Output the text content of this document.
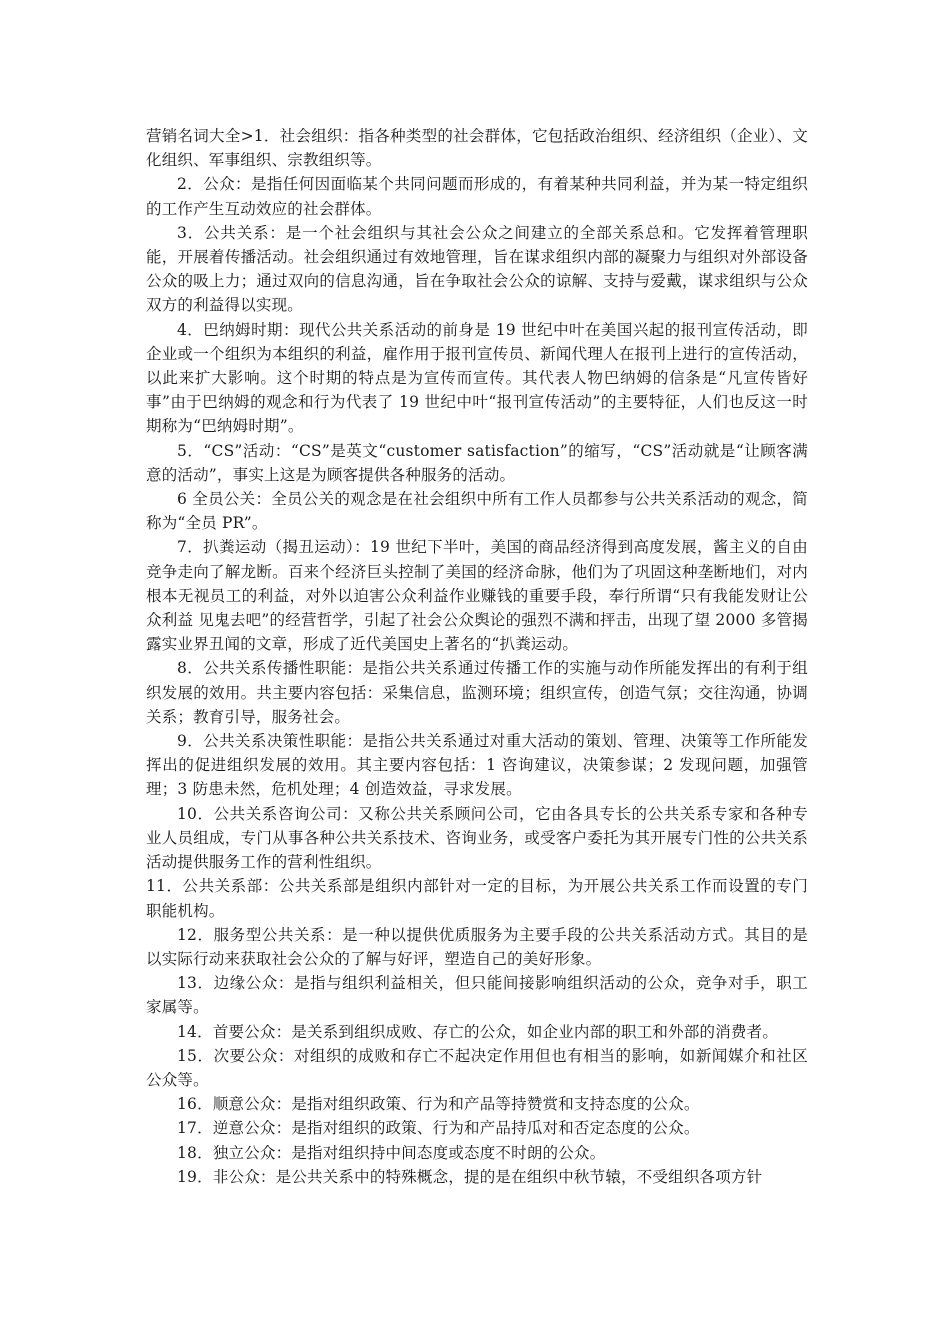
营销名词大全>1．社会组织：指各种类型的社会群体，它包括政治组织、经济组织（企业）、文化组织、军事组织、宗教组织等。

2．公众：是指任何因面临某个共同问题而形成的，有着某种共同利益，并为某一特定组织的工作产生互动效应的社会群体。

3．公共关系：是一个社会组织与其社会公众之间建立的全部关系总和。它发挥着管理职能，开展着传播活动。社会组织通过有效地管理，旨在谋求组织内部的凝聚力与组织对外部设备公众的吸上力；通过双向的信息沟通，旨在争取社会公众的谅解、支持与爱戴，谋求组织与公众双方的利益得以实现。

4．巴纳姆时期：现代公共关系活动的前身是 19 世纪中叶在美国兴起的报刊宣传活动，即企业或一个组织为本组织的利益，雇作用于报刊宣传员、新闻代理人在报刊上进行的宣传活动，以此来扩大影响。这个时期的特点是为宣传而宣传。其代表人物巴纳姆的信条是“凡宣传皆好事”由于巴纳姆的观念和行为代表了 19 世纪中叶“报刊宣传活动”的主要特征，人们也反这一时期称为“巴纳姆时期”。

5．“CS”活动：“CS”是英文“customer satisfaction”的缩写，“CS”活动就是“让顾客满意的活动”，事实上这是为顾客提供各种服务的活动。

6 全员公关：全员公关的观念是在社会组织中所有工作人员都参与公共关系活动的观念，简称为“全员 PR”。

7．扒粪运动（揭丑运动）：19 世纪下半叶，美国的商品经济得到高度发展，酱主义的自由竞争走向了解龙断。百来个经济巨头控制了美国的经济命脉，他们为了巩固这种垄断地们，对内根本无视员工的利益，对外以迫害公众利益作业赚钱的重要手段，奉行所谓“只有我能发财让公众利益 见鬼去吧”的经营哲学，引起了社会公众舆论的强烈不满和抨击，出现了望 2000 多管揭露实业界丑闻的文章，形成了近代美国史上著名的“扒粪运动。

8．公共关系传播性职能：是指公共关系通过传播工作的实施与动作所能发挥出的有利于组织发展的效用。共主要内容包括：采集信息，监测环境；组织宣传，创造气氛；交往沟通，协调关系；教育引导，服务社会。

9．公共关系决策性职能：是指公共关系通过对重大活动的策划、管理、决策等工作所能发挥出的促进组织发展的效用。其主要内容包括：1 咨询建议，决策参谋；2 发现问题，加强管理；3 防患未然，危机处理；4 创造效益，寻求发展。

10．公共关系咨询公司：又称公共关系顾问公司，它由各具专长的公共关系专家和各种专业人员组成，专门从事各种公共关系技术、咨询业务，或受客户委托为其开展专门性的公共关系活动提供服务工作的营利性组织。

11．公共关系部：公共关系部是组织内部针对一定的目标，为开展公共关系工作而设置的专门职能机构。

12．服务型公共关系：是一种以提供优质服务为主要手段的公共关系活动方式。其目的是以实际行动来获取社会公众的了解与好评，塑造自己的美好形象。

13．边缘公众：是指与组织利益相关，但只能间接影响组织活动的公众，竞争对手，职工家属等。

14．首要公众：是关系到组织成败、存亡的公众，如企业内部的职工和外部的消费者。

15．次要公众：对组织的成败和存亡不起决定作用但也有相当的影响，如新闻媒介和社区公众等。

16．顺意公众：是指对组织政策、行为和产品等持赞赏和支持态度的公众。

17．逆意公众：是指对组织的政策、行为和产品持瓜对和否定态度的公众。

18．独立公众：是指对组织持中间态度或态度不时朗的公众。

19．非公众：是公共关系中的特殊概念，提的是在组织中秋节辕，不受组织各项方针
